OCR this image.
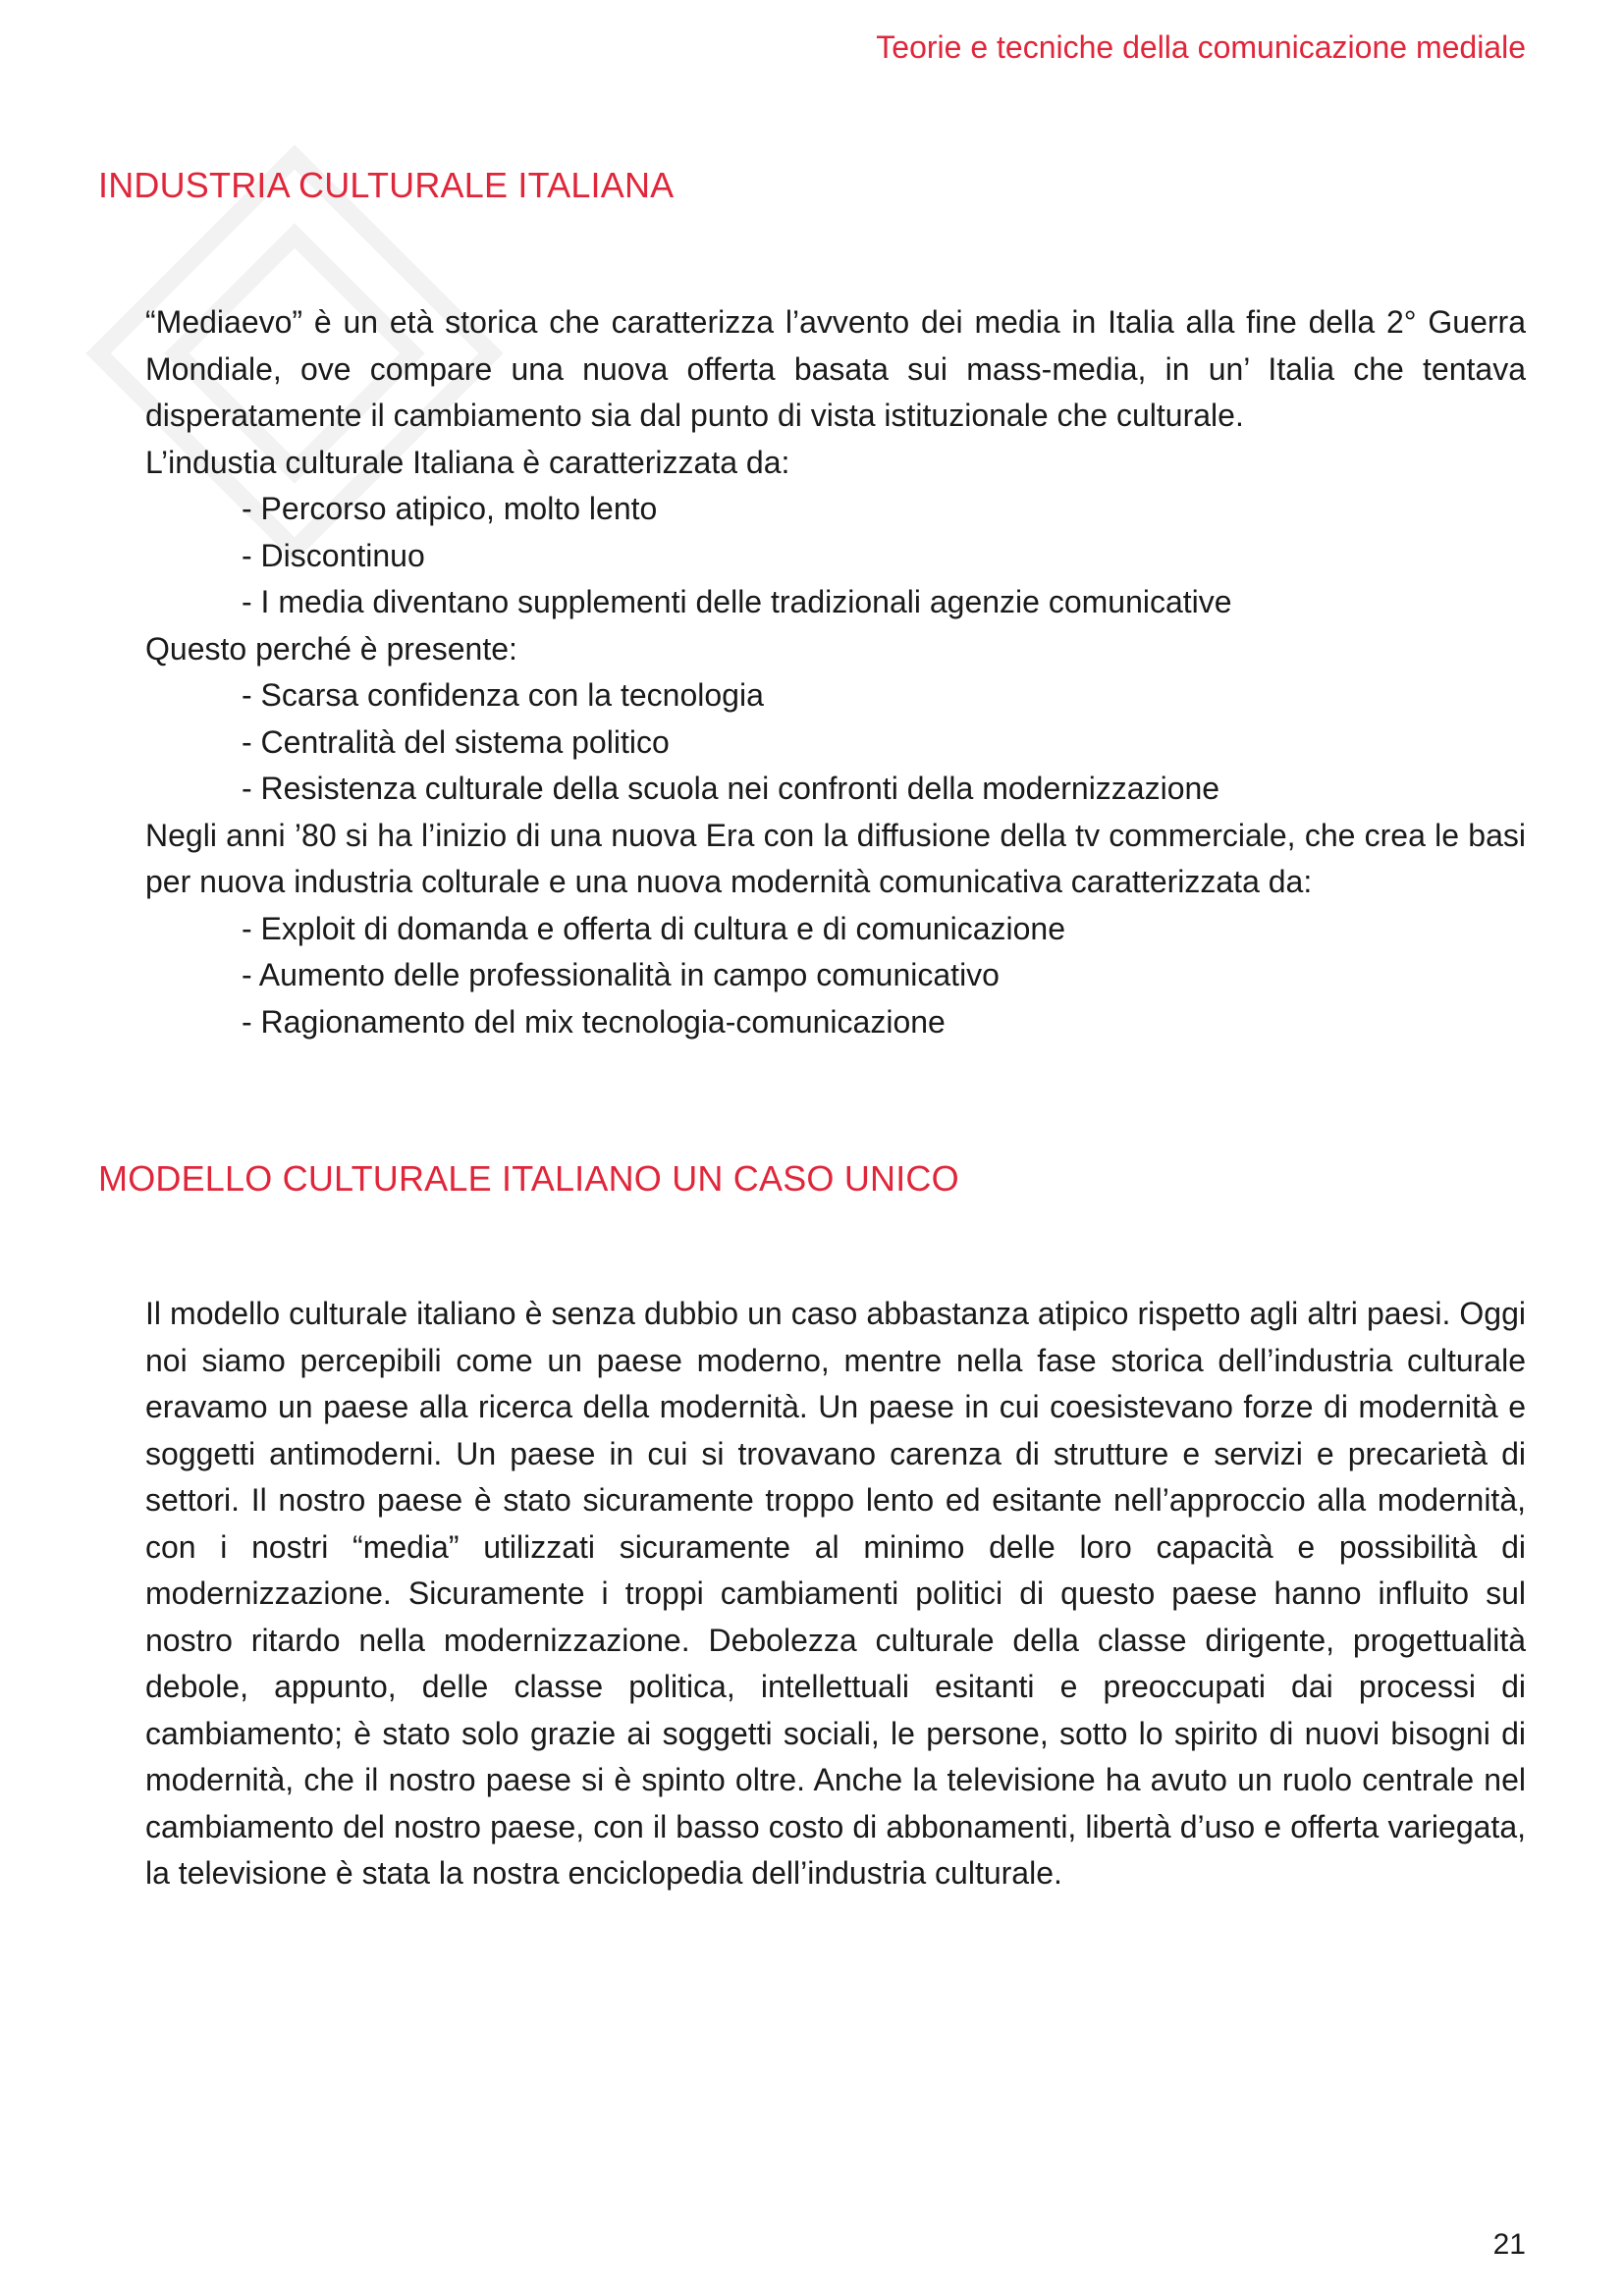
Teorie e tecniche della comunicazione mediale
INDUSTRIA CULTURALE ITALIANA

“Mediaevo” è un età storica che caratterizza l’avvento dei media in Italia alla fine della 2° Guerra Mondiale, ove compare una nuova offerta basata sui mass-media, in un’ Italia che tentava disperatamente il cambiamento sia dal punto di vista istituzionale che culturale.

L’industia culturale Italiana è caratterizzata da:

- Percorso atipico, molto lento
- Discontinuo
- I media diventano supplementi delle tradizionali agenzie comunicative

Questo perché è presente:

- Scarsa confidenza con la tecnologia
- Centralità del sistema politico
- Resistenza culturale della scuola nei confronti della modernizzazione

Negli anni ’80 si ha l’inizio di una nuova Era con la diffusione della tv commerciale, che crea le basi per nuova industria colturale e una nuova modernità comunicativa caratterizzata da:

- Exploit di domanda e offerta di cultura e di comunicazione
- Aumento delle professionalità in campo comunicativo
- Ragionamento del mix tecnologia-comunicazione
MODELLO CULTURALE ITALIANO UN CASO UNICO

Il modello culturale italiano è senza dubbio un caso abbastanza atipico rispetto agli altri paesi. Oggi noi siamo percepibili come un paese moderno, mentre nella fase storica dell’industria culturale eravamo un paese alla ricerca della modernità. Un paese in cui coesistevano forze di modernità e soggetti antimoderni. Un paese in cui si trovavano carenza di strutture e servizi e precarietà di settori. Il nostro paese è stato sicuramente troppo lento ed esitante nell’approccio alla modernità, con i nostri “media” utilizzati sicuramente al minimo delle loro capacità e possibilità di modernizzazione. Sicuramente i troppi cambiamenti politici di questo paese hanno influito sul nostro ritardo nella modernizzazione. Debolezza culturale della classe dirigente, progettualità debole, appunto, delle classe politica, intellettuali esitanti e preoccupati dai processi di cambiamento; è stato solo grazie ai soggetti sociali, le persone, sotto lo spirito di nuovi bisogni di modernità, che il nostro paese si è spinto oltre. Anche la televisione ha avuto un ruolo centrale nel cambiamento del nostro paese, con il basso costo di abbonamenti, libertà d’uso e offerta variegata, la televisione è stata la nostra enciclopedia dell’industria culturale.

21
